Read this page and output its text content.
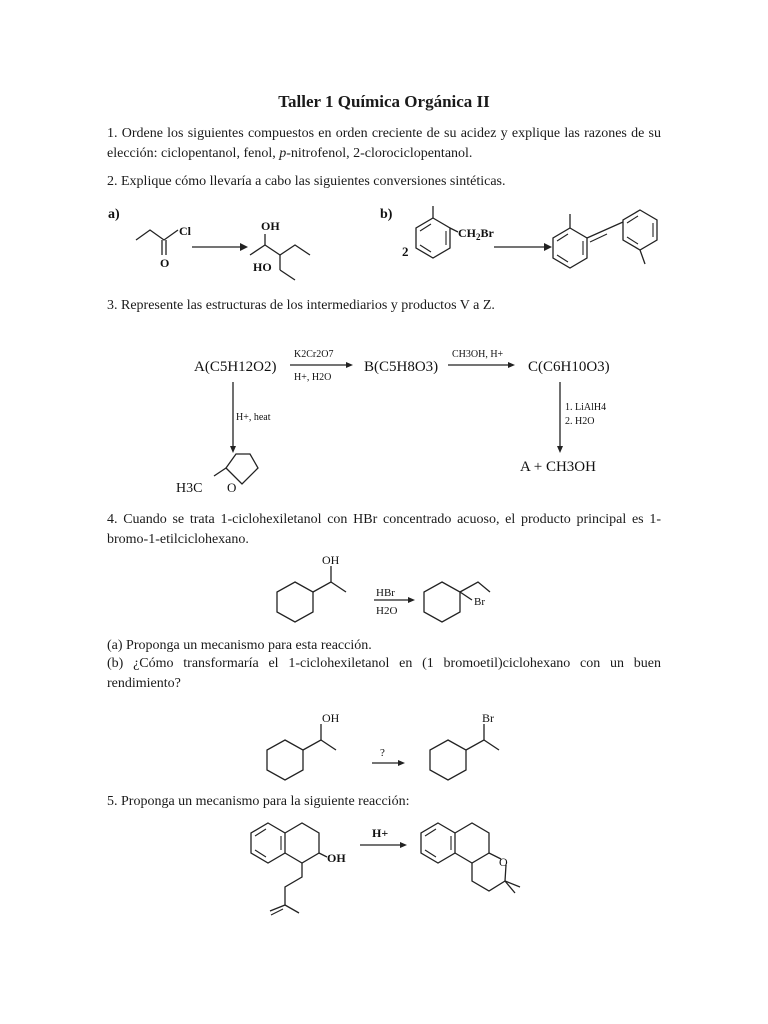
Taller 1 Química Orgánica II
1. Ordene los siguientes compuestos en orden creciente de su acidez y explique las razones de su elección: ciclopentanol, fenol, p-nitrofenol, 2-clorociclopentanol.
2. Explique cómo llevaría a cabo las siguientes conversiones sintéticas.
a)
Cl
O
OH
HO
b)
2
$CH_2Br$
3. Represente las estructuras de los intermediarios y productos V a Z.
A(C5H12O2)
K2Cr2O7
H+, H2O
B(C5H8O3)
CH3OH, H+
C(C6H10O3)
1. LiAlH4
2. H2O
A + CH3OH
H+, heat
H3C O
4. Cuando se trata 1-ciclohexiletanol con HBr concentrado acuoso, el producto principal es 1-bromo-1-etilciclohexano.
OH
HBr
H2O
Br
(a) Proponga un mecanismo para esta reacción.
(b) ¿Cómo transformaría el 1-ciclohexiletanol en (1 bromoetil)ciclohexano con un buen rendimiento?
OH
?
Br
5. Proponga un mecanismo para la siguiente reacción:
OH
H+
O
